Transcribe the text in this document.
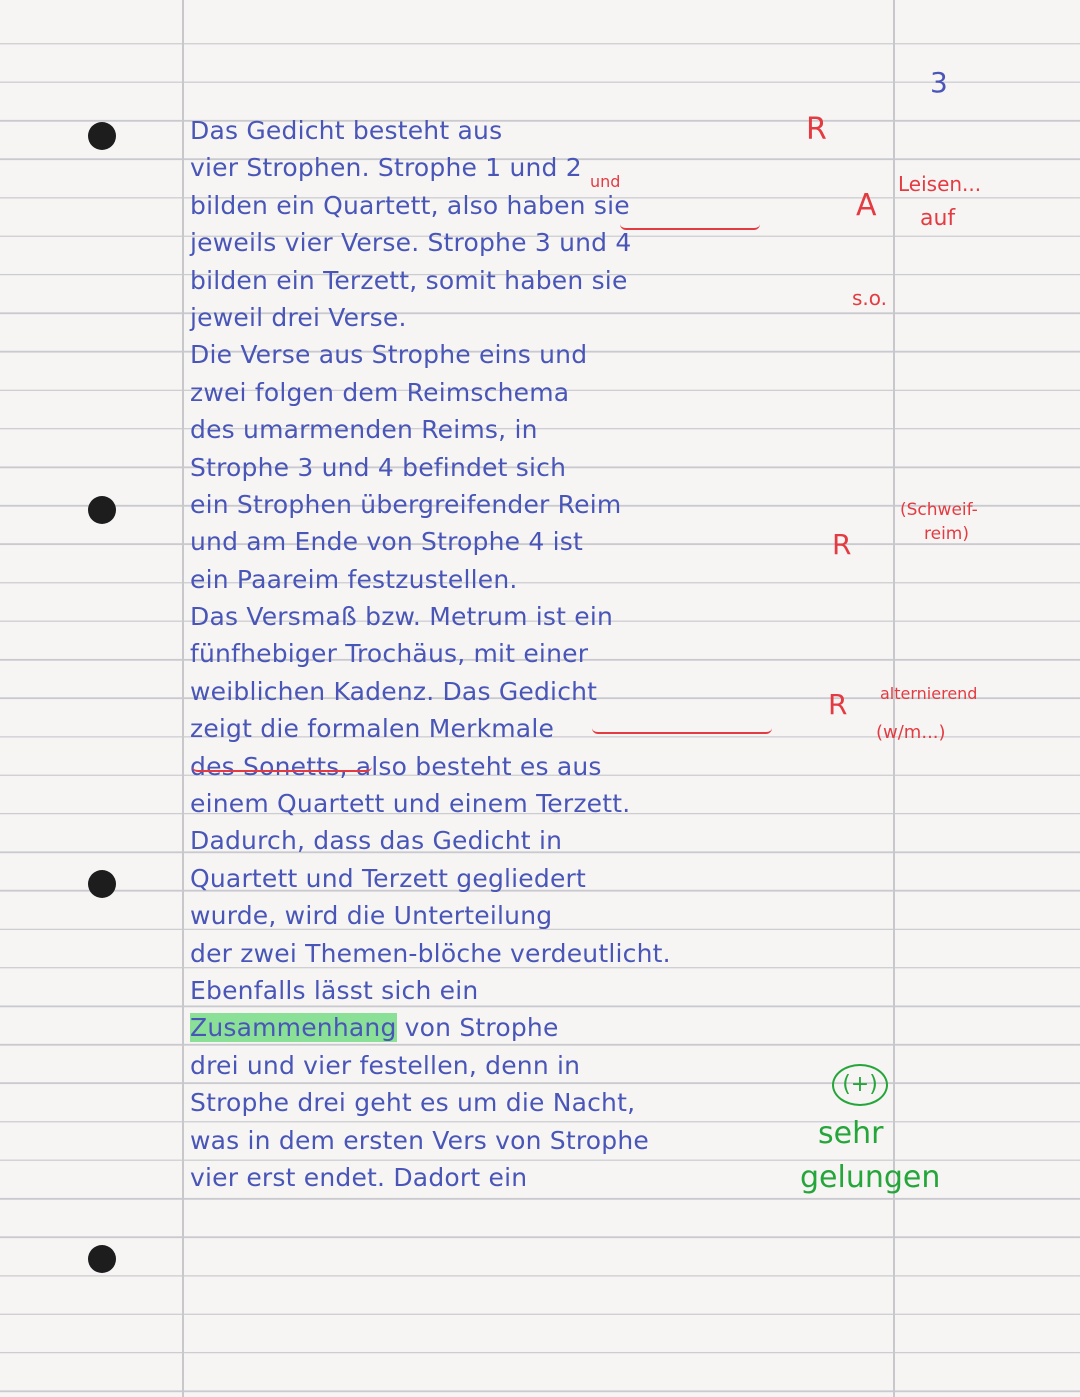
3
Das Gedicht besteht aus
vier Strophen. Strophe 1 und 2
bilden ein Quartett, also haben sie
jeweils vier Verse. Strophe 3 und 4
bilden ein Terzett, somit haben sie
jeweil drei Verse.
Die Verse aus Strophe eins und
zwei folgen dem Reimschema
des umarmenden Reims, in
Strophe 3 und 4 befindet sich
ein Strophen übergreifender Reim
und am Ende von Strophe 4 ist
ein Paareim festzustellen.
Das Versmaß bzw. Metrum ist ein
fünfhebiger Trochäus, mit einer
weiblichen Kadenz. Das Gedicht
zeigt die formalen Merkmale
des Sonetts, also besteht es aus
einem Quartett und einem Terzett.
Dadurch, dass das Gedicht in
Quartett und Terzett gegliedert
wurde, wird die Unterteilung
der zwei Themen-blöche verdeutlicht.
Ebenfalls lässt sich ein
Zusammenhang von Strophe
drei und vier festellen, denn in
Strophe drei geht es um die Nacht,
was in dem ersten Vers von Strophe
vier erst endet. Dadort ein
R
und
A
Leisen...
auf
s.o.
(Schweif-
reim)
R
R alternierend
(w/m...)
(+)
sehr
gelungen
